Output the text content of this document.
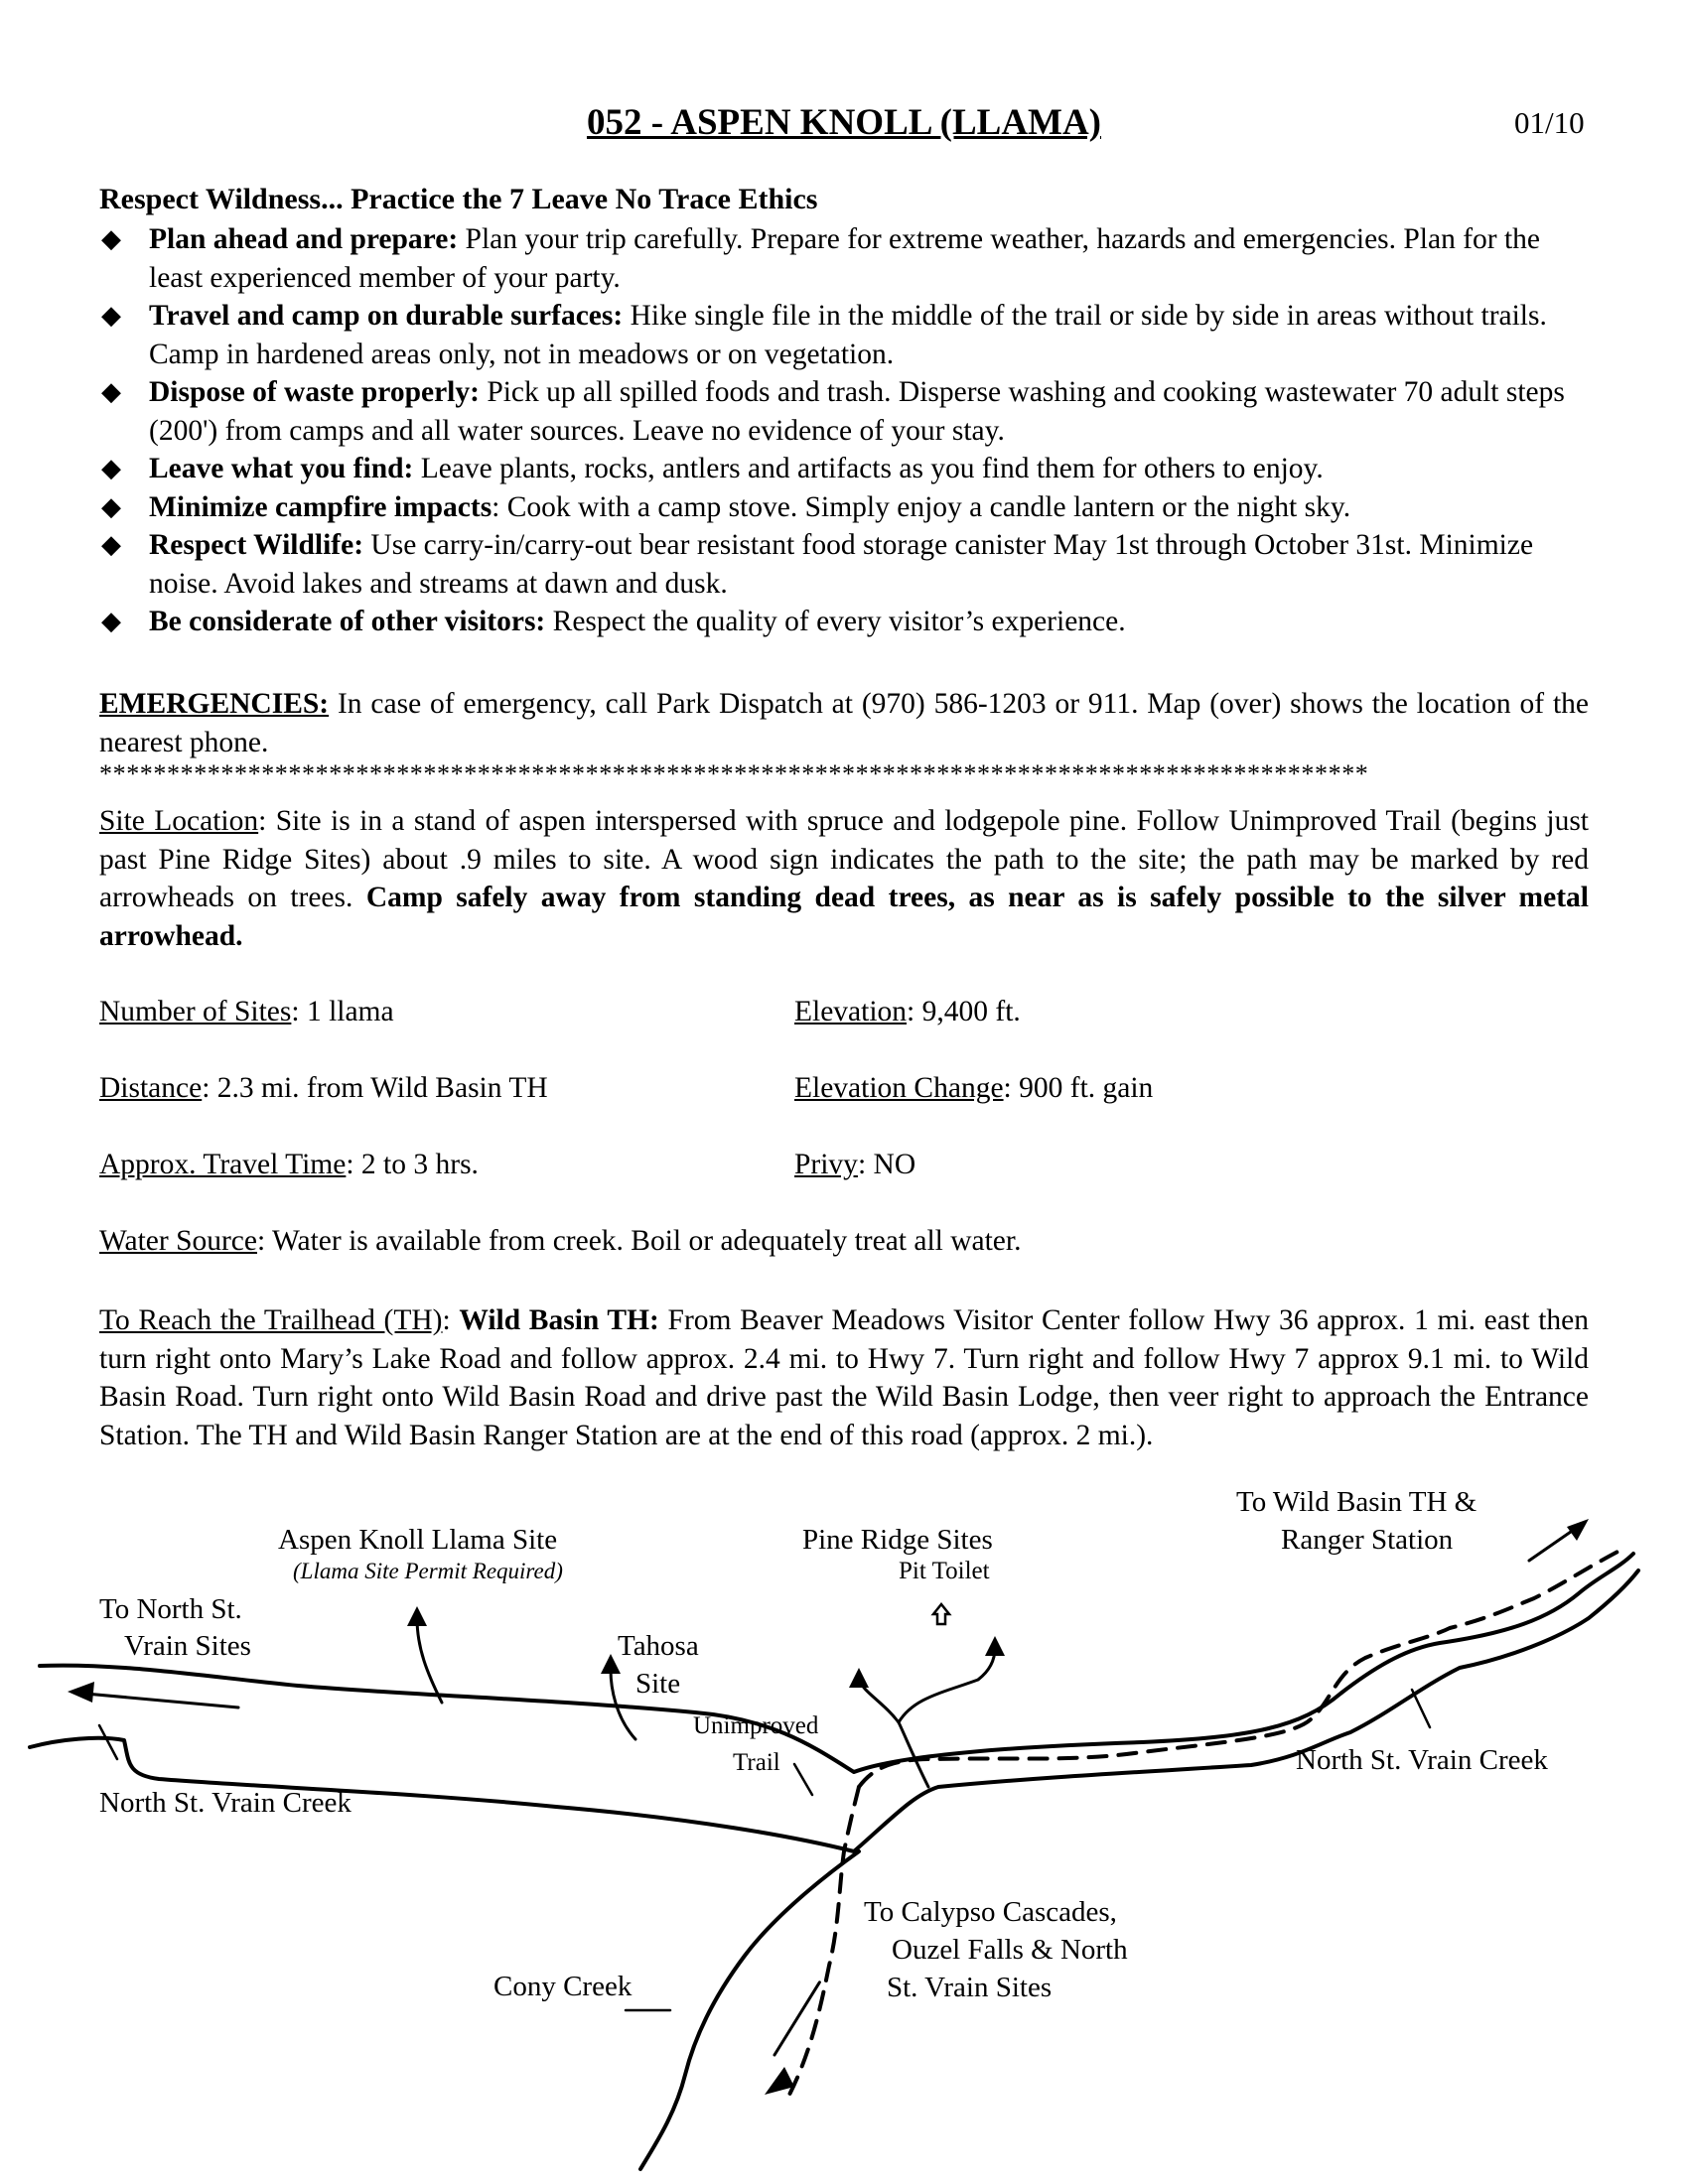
052 - ASPEN KNOLL (LLAMA)	01/10
Respect Wildness... Practice the 7 Leave No Trace Ethics
◆ Plan ahead and prepare: Plan your trip carefully. Prepare for extreme weather, hazards and emergencies. Plan for the least experienced member of your party.
◆ Travel and camp on durable surfaces: Hike single file in the middle of the trail or side by side in areas without trails. Camp in hardened areas only, not in meadows or on vegetation.
◆ Dispose of waste properly: Pick up all spilled foods and trash. Disperse washing and cooking wastewater 70 adult steps (200') from camps and all water sources. Leave no evidence of your stay.
◆ Leave what you find: Leave plants, rocks, antlers and artifacts as you find them for others to enjoy.
◆ Minimize campfire impacts: Cook with a camp stove. Simply enjoy a candle lantern or the night sky.
◆ Respect Wildlife: Use carry-in/carry-out bear resistant food storage canister May 1st through October 31st. Minimize noise. Avoid lakes and streams at dawn and dusk.
◆ Be considerate of other visitors: Respect the quality of every visitor’s experience.
EMERGENCIES: In case of emergency, call Park Dispatch at (970) 586-1203 or 911. Map (over) shows the location of the nearest phone.
**********************************************************************************************
Site Location: Site is in a stand of aspen interspersed with spruce and lodgepole pine. Follow Unimproved Trail (begins just past Pine Ridge Sites) about .9 miles to site. A wood sign indicates the path to the site; the path may be marked by red arrowheads on trees. Camp safely away from standing dead trees, as near as is safely possible to the silver metal arrowhead.
Number of Sites: 1 llama	Elevation: 9,400 ft.
Distance: 2.3 mi. from Wild Basin TH	Elevation Change: 900 ft. gain
Approx. Travel Time: 2 to 3 hrs.	Privy: NO
Water Source: Water is available from creek. Boil or adequately treat all water.
To Reach the Trailhead (TH): Wild Basin TH: From Beaver Meadows Visitor Center follow Hwy 36 approx. 1 mi. east then turn right onto Mary’s Lake Road and follow approx. 2.4 mi. to Hwy 7. Turn right and follow Hwy 7 approx 9.1 mi. to Wild Basin Road. Turn right onto Wild Basin Road and drive past the Wild Basin Lodge, then veer right to approach the Entrance Station. The TH and Wild Basin Ranger Station are at the end of this road (approx. 2 mi.).
Aspen Knoll Llama Site
(Llama Site Permit Required)
Pine Ridge Sites
Pit Toilet
To Wild Basin TH &
Ranger Station
To North St.
Vrain Sites	Tahosa
Site
Unimproved
Trail
North St. Vrain Creek
North St. Vrain Creek
Cony Creek
To Calypso Cascades,
Ouzel Falls & North
St. Vrain Sites
